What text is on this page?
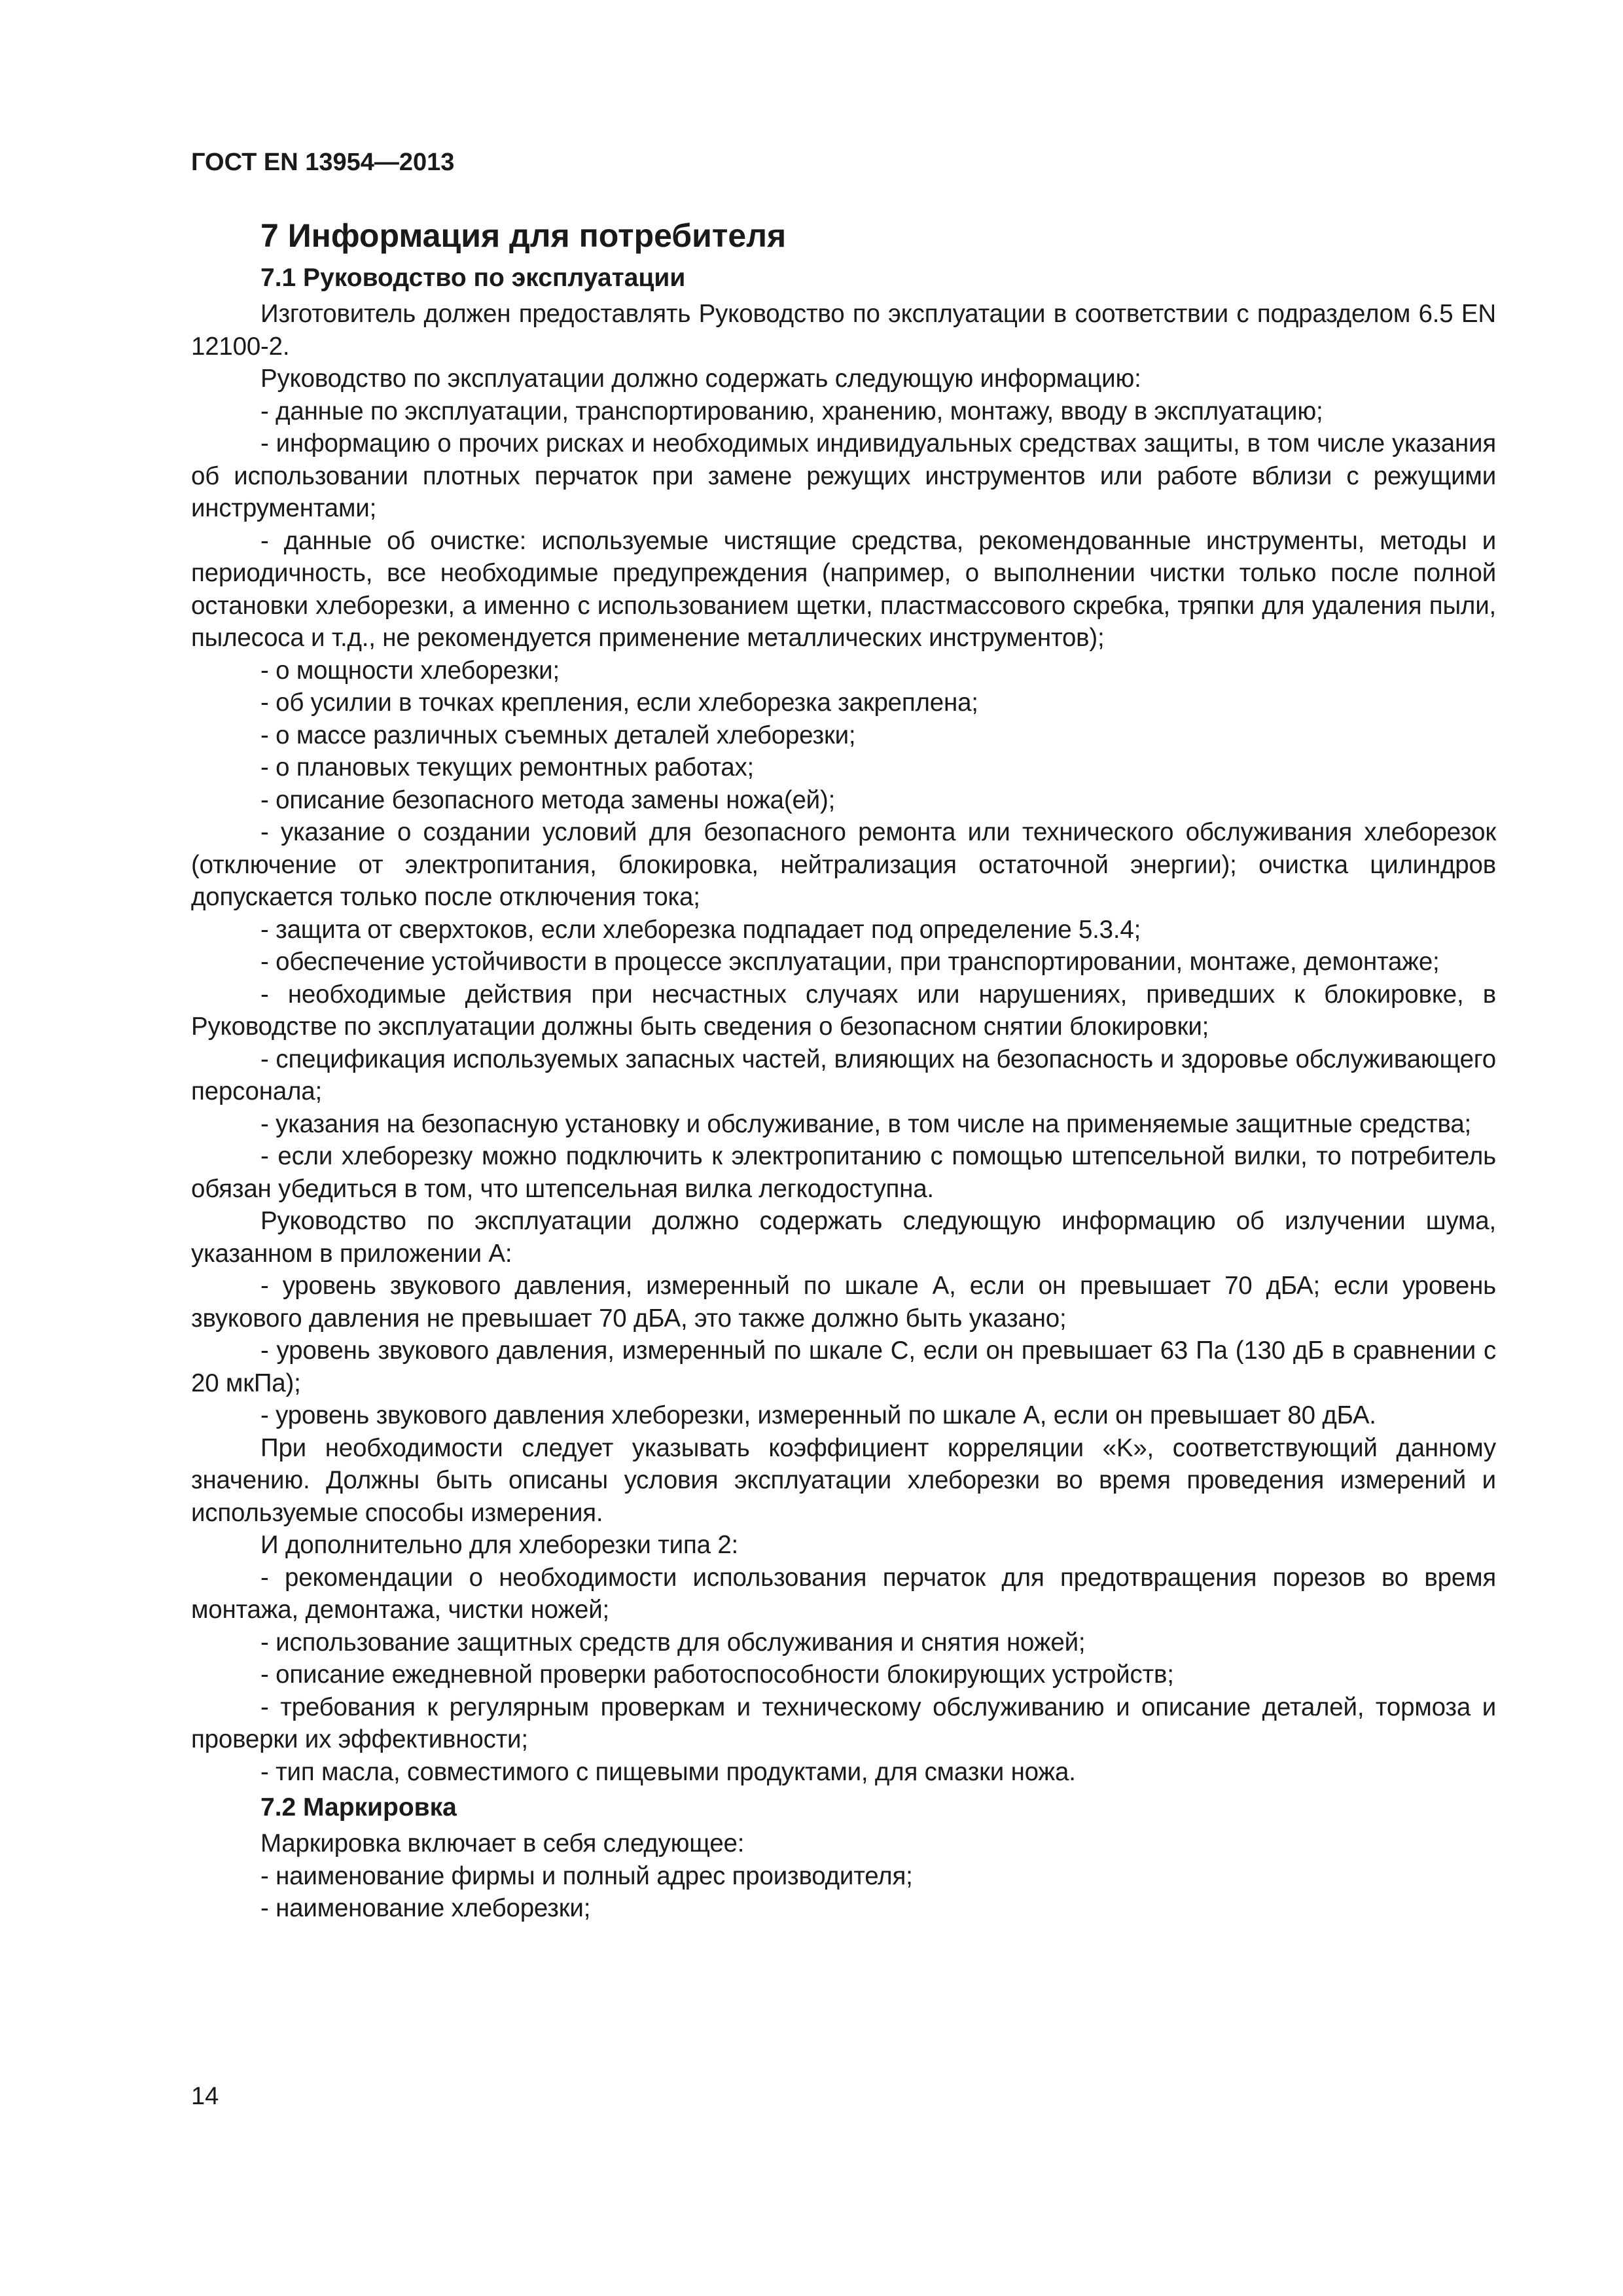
ГОСТ EN 13954—2013
7 Информация для потребителя
7.1 Руководство по эксплуатации

Изготовитель должен предоставлять Руководство по эксплуатации в соответствии с подразделом 6.5 EN 12100-2.

Руководство по эксплуатации должно содержать следующую информацию:

- данные по эксплуатации, транспортированию, хранению, монтажу, вводу в эксплуатацию;

- информацию о прочих рисках и необходимых индивидуальных средствах защиты, в том числе указания об использовании плотных перчаток при замене режущих инструментов или работе вблизи с режущими инструментами;

- данные об очистке: используемые чистящие средства, рекомендованные инструменты, методы и периодичность, все необходимые предупреждения (например, о выполнении чистки только после полной остановки хлеборезки, а именно с использованием щетки, пластмассового скребка, тряпки для удаления пыли, пылесоса и т.д., не рекомендуется применение металлических инструментов);

- о мощности хлеборезки;

- об усилии в точках крепления, если хлеборезка закреплена;

- о массе различных съемных деталей хлеборезки;

- о плановых текущих ремонтных работах;

- описание безопасного метода замены ножа(ей);

- указание о создании условий для безопасного ремонта или технического обслуживания хлеборезок (отключение от электропитания, блокировка, нейтрализация остаточной энергии); очистка цилиндров допускается только после отключения тока;

- защита от сверхтоков, если хлеборезка подпадает под определение 5.3.4;

- обеспечение устойчивости в процессе эксплуатации, при транспортировании, монтаже, демонтаже;

- необходимые действия при несчастных случаях или нарушениях, приведших к блокировке, в Руководстве по эксплуатации должны быть сведения о безопасном снятии блокировки;

- спецификация используемых запасных частей, влияющих на безопасность и здоровье обслуживающего персонала;

- указания на безопасную установку и обслуживание, в том числе на применяемые защитные средства;

- если хлеборезку можно подключить к электропитанию с помощью штепсельной вилки, то потребитель обязан убедиться в том, что штепсельная вилка легкодоступна.

Руководство по эксплуатации должно содержать следующую информацию об излучении шума, указанном в приложении А:

- уровень звукового давления, измеренный по шкале А, если он превышает 70 дБА; если уровень звукового давления не превышает 70 дБА, это также должно быть указано;

- уровень звукового давления, измеренный по шкале С, если он превышает 63 Па (130 дБ в сравнении с 20 мкПа);

- уровень звукового давления хлеборезки, измеренный по шкале А, если он превышает 80 дБА.

При необходимости следует указывать коэффициент корреляции «K», соответствующий данному значению. Должны быть описаны условия эксплуатации хлеборезки во время проведения измерений и используемые способы измерения.

И дополнительно для хлеборезки типа 2:

- рекомендации о необходимости использования перчаток для предотвращения порезов во время монтажа, демонтажа, чистки ножей;

- использование защитных средств для обслуживания и снятия ножей;

- описание ежедневной проверки работоспособности блокирующих устройств;

- требования к регулярным проверкам и техническому обслуживанию и описание деталей, тормоза и проверки их эффективности;

- тип масла, совместимого с пищевыми продуктами, для смазки ножа.

7.2 Маркировка

Маркировка включает в себя следующее:

- наименование фирмы и полный адрес производителя;

- наименование хлеборезки;

14
